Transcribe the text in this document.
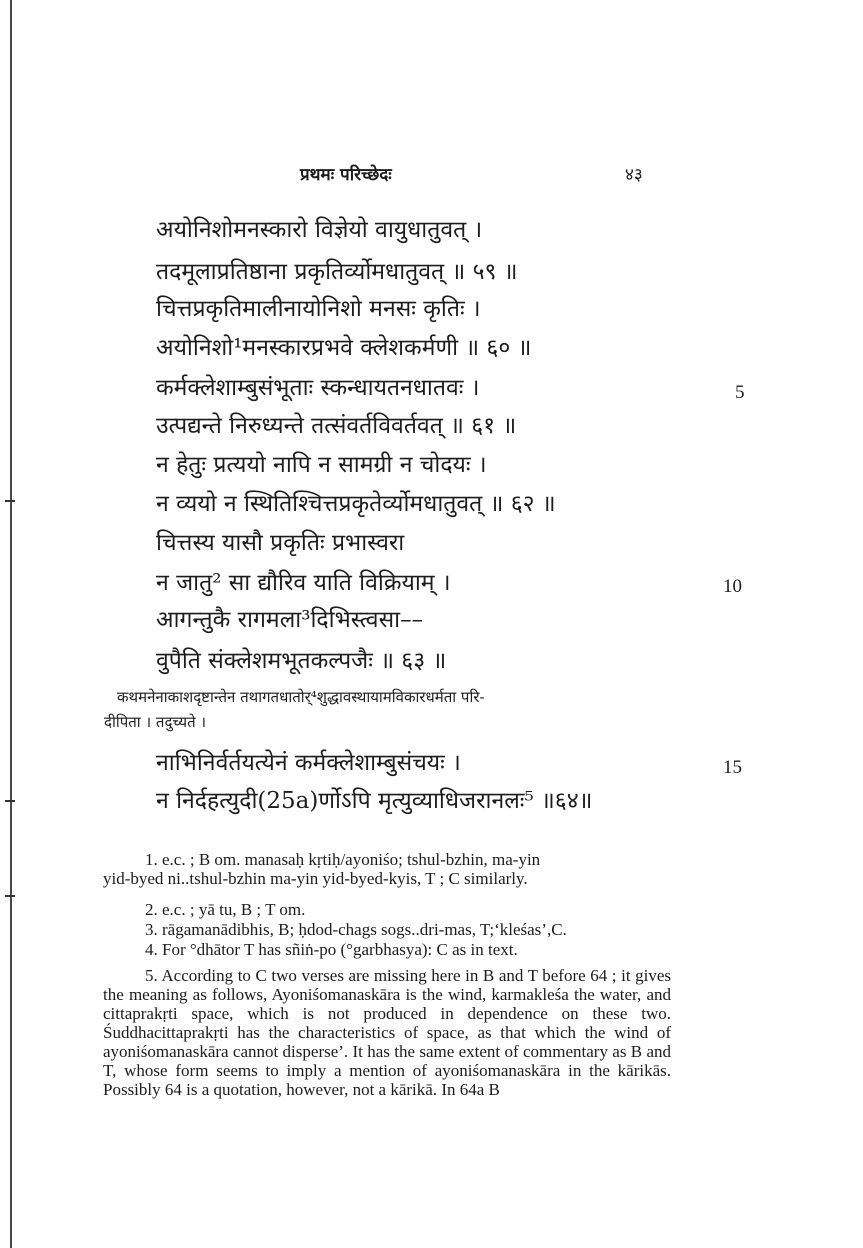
प्रथमः परिच्छेदः	४३
अयोनिशोमनस्कारो विज्ञेयो वायुधातुवत् ।
तदमूलाप्रतिष्ठाना प्रकृतिर्व्योमधातुवत् ॥ ५९ ॥
चित्तप्रकृतिमालीनायोनिशो मनसः कृतिः ।
अयोनिशो¹मनस्कारप्रभवे क्लेशकर्मणी ॥ ६० ॥
कर्मक्लेशाम्बुसंभूताः स्कन्धायतनधातवः ।
उत्पद्यन्ते निरुध्यन्ते तत्संवर्तविवर्तवत् ॥ ६१ ॥
न हेतुः प्रत्ययो नापि न सामग्री न चोदयः ।
न व्ययो न स्थितिश्चित्तप्रकृतेर्व्योमधातुवत् ॥ ६२ ॥
चित्तस्य यासौ प्रकृतिः प्रभास्वरा
न जातु² सा द्यौरिव याति विक्रियाम् ।
आगन्तुकै रागमला³दिभिस्त्वसा––
वुपैति संक्लेशमभूतकल्पजैः ॥ ६३ ॥
5
10
15
कथमनेनाकाशदृष्टान्तेन तथागतधातोर्⁴शुद्धावस्थायामविकारधर्मता परि-
दीपिता । तदुच्यते ।
नाभिनिर्वर्तयत्येनं कर्मक्लेशाम्बुसंचयः ।
न निर्दहत्युदी(25a)र्णोऽपि मृत्युव्याधिजरानलः⁵ ॥६४॥
1. e.c. ; B om. manasaḥ kṛtiḥ/ayoniśo; tshul-bzhin, ma-yin
yid-byed ni..tshul-bzhin ma-yin yid-byed-kyis, T ; C similarly.
2. e.c. ; yā tu, B ; T om.
3. rāgamanādibhis, B; ḥdod-chags sogs..dri-mas, T;‘kleśas’,C.
4. For °dhātor T has sñiṅ-po (°garbhasya): C as in text.
5. According to C two verses are missing here in B and T before 64 ; it gives the meaning as follows, Ayoniśomanaskāra is the wind, karmakleśa the water, and cittaprakṛti space, which is not produced in dependence on these two. Śuddhacittaprakṛti has the characteristics of space, as that which the wind of ayoniśomanaskāra cannot disperse’. It has the same extent of commentary as B and T, whose form seems to imply a mention of ayoniśomanaskāra in the kārikās. Possibly 64 is a quotation, however, not a kārikā. In 64a B
